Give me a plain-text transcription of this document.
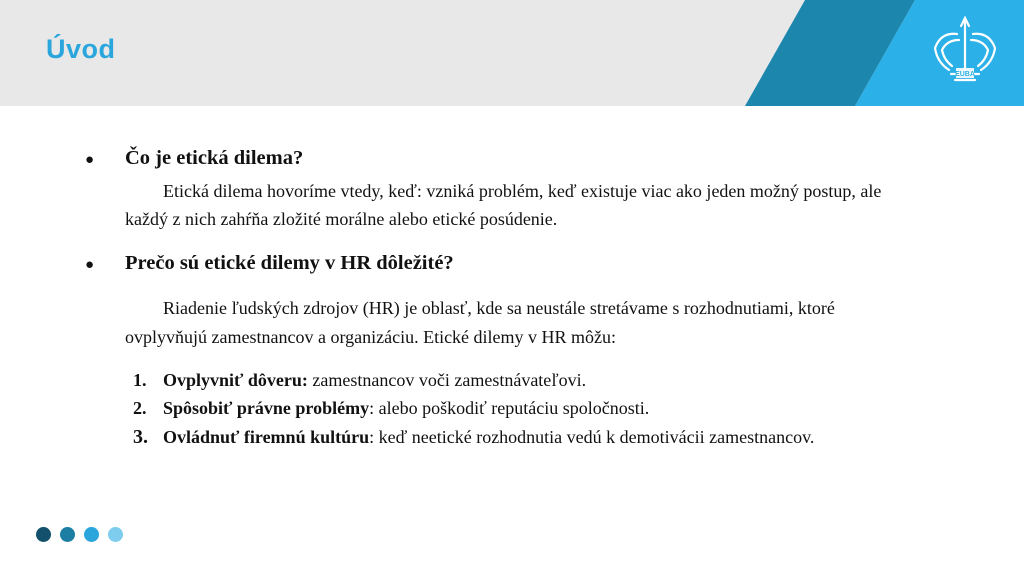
EUBA
Úvod
● Čo je etická dilema?
Etická dilema hovoríme vtedy, keď: vzniká problém, keď existuje viac ako jeden možný postup, ale
každý z nich zahŕňa zložité morálne alebo etické posúdenie.
● Prečo sú etické dilemy v HR dôležité?
Riadenie ľudských zdrojov (HR) je oblasť, kde sa neustále stretávame s rozhodnutiami, ktoré
ovplyvňujú zamestnancov a organizáciu. Etické dilemy v HR môžu:
1. Ovplyvniť dôveru: zamestnancov voči zamestnávateľovi.
2. Spôsobiť právne problémy: alebo poškodiť reputáciu spoločnosti.
3. Ovládnuť firemnú kultúru: keď neetické rozhodnutia vedú k demotivácii zamestnancov.
